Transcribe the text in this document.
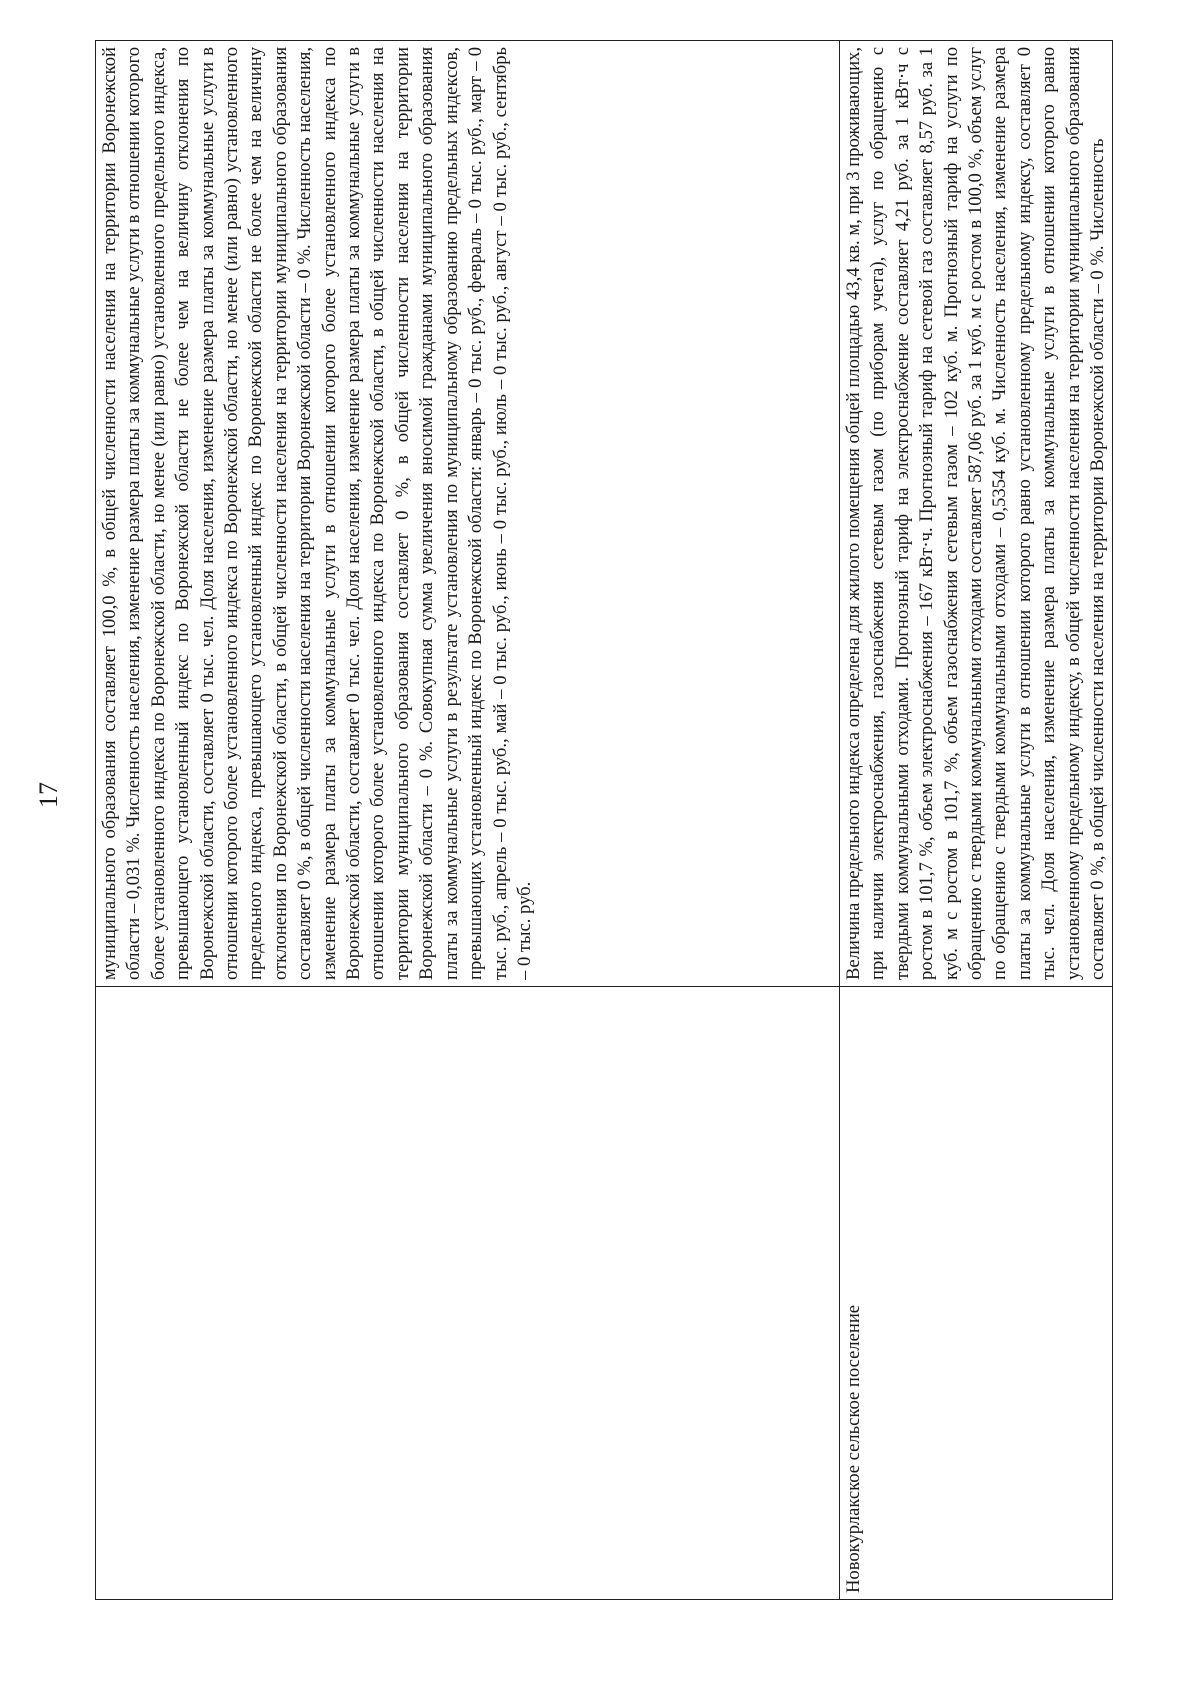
17

	муниципального образования составляет 100,0 %, в общей численности населения на территории Воронежской области – 0,031 %. Численность населения, изменение размера платы за коммунальные услуги в отношении которого более установленного индекса по Воронежской области, но менее (или равно) установленного предельного индекса, превышающего установленный индекс по Воронежской области не более чем на величину отклонения по Воронежской области, составляет 0 тыс. чел. Доля населения, изменение размера платы за коммунальные услуги в отношении которого более установленного индекса по Воронежской области, но менее (или равно) установленного предельного индекса, превышающего установленный индекс по Воронежской области не более чем на величину отклонения по Воронежской области, в общей численности населения на территории муниципального образования составляет 0 %, в общей численности населения на территории Воронежской области – 0 %. Численность населения, изменение размера платы за коммунальные услуги в отношении которого более установленного индекса по Воронежской области, составляет 0 тыс. чел. Доля населения, изменение размера платы за коммунальные услуги в отношении которого более установленного индекса по Воронежской области, в общей численности населения на территории муниципального образования составляет 0 %, в общей численности населения на территории Воронежской области – 0 %. Совокупная сумма увеличения вносимой гражданами муниципального образования платы за коммунальные услуги в результате установления по муниципальному образованию предельных индексов, превышающих установленный индекс по Воронежской области: январь – 0 тыс. руб., февраль – 0 тыс. руб., март – 0 тыс. руб., апрель – 0 тыс. руб., май – 0 тыс. руб., июнь – 0 тыс. руб., июль – 0 тыс. руб., август – 0 тыс. руб., сентябрь – 0 тыс. руб.

Новокурлакское сельское поселение	Величина предельного индекса определена для жилого помещения общей площадью 43,4 кв. м, при 3 проживающих, при наличии электроснабжения, газоснабжения сетевым газом (по приборам учета), услуг по обращению с твердыми коммунальными отходами. Прогнозный тариф на электроснабжение составляет 4,21 руб. за 1 кВт·ч с ростом в 101,7 %, объем электроснабжения – 167 кВт·ч. Прогнозный тариф на сетевой газ составляет 8,57 руб. за 1 куб. м с ростом в 101,7 %, объем газоснабжения сетевым газом – 102 куб. м. Прогнозный тариф на услуги по обращению с твердыми коммунальными отходами составляет 587,06 руб. за 1 куб. м с ростом в 100,0 %, объем услуг по обращению с твердыми коммунальными отходами – 0,5354 куб. м. Численность населения, изменение размера платы за коммунальные услуги в отношении которого равно установленному предельному индексу, составляет 0 тыс. чел. Доля населения, изменение размера платы за коммунальные услуги в отношении которого равно установленному предельному индексу, в общей численности населения на территории муниципального образования составляет 0 %, в общей численности населения на территории Воронежской области – 0 %. Численность
